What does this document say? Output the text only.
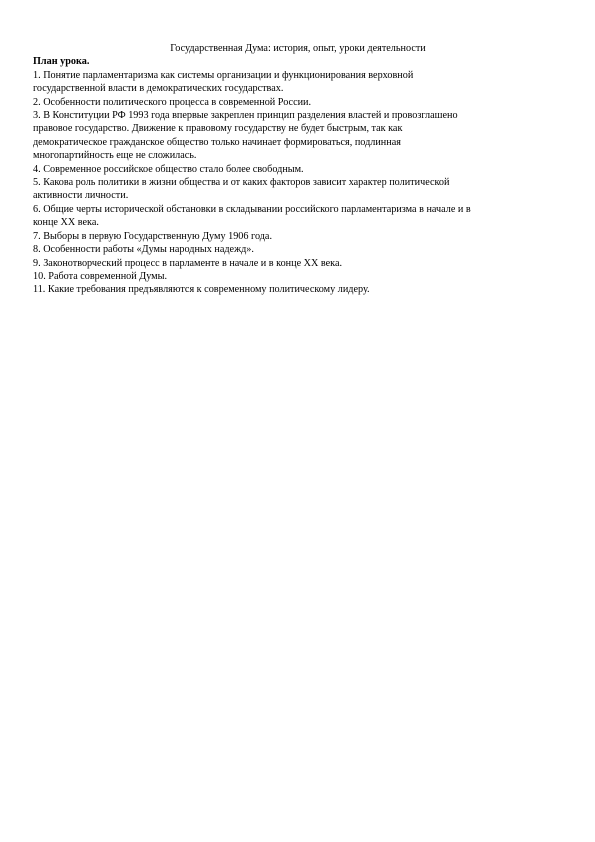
Государственная Дума: история, опыт, уроки деятельности

План урока.

1. Понятие парламентаризма как системы организации и функционирования верховной
государственной власти в демократических государствах.
2. Особенности политического процесса в современной России.
3. В Конституции РФ 1993 года впервые закреплен принцип разделения властей и провозглашено
правовое государство. Движение к правовому государству не будет быстрым, так как
демократическое гражданское общество только начинает формироваться, подлинная
многопартийность еще не сложилась.
4. Современное российское общество стало более свободным.
5. Какова роль политики в жизни общества и от каких факторов зависит характер политической
активности личности.
6. Общие черты исторической обстановки в складывании российского парламентаризма в начале и в
конце XX века.
7. Выборы в первую Государственную Думу 1906 года.
8. Особенности работы «Думы народных надежд».
9. Законотворческий процесс в парламенте в начале и в конце XX века.
10. Работа современной Думы.
11. Какие требования предъявляются к современному политическому лидеру.
